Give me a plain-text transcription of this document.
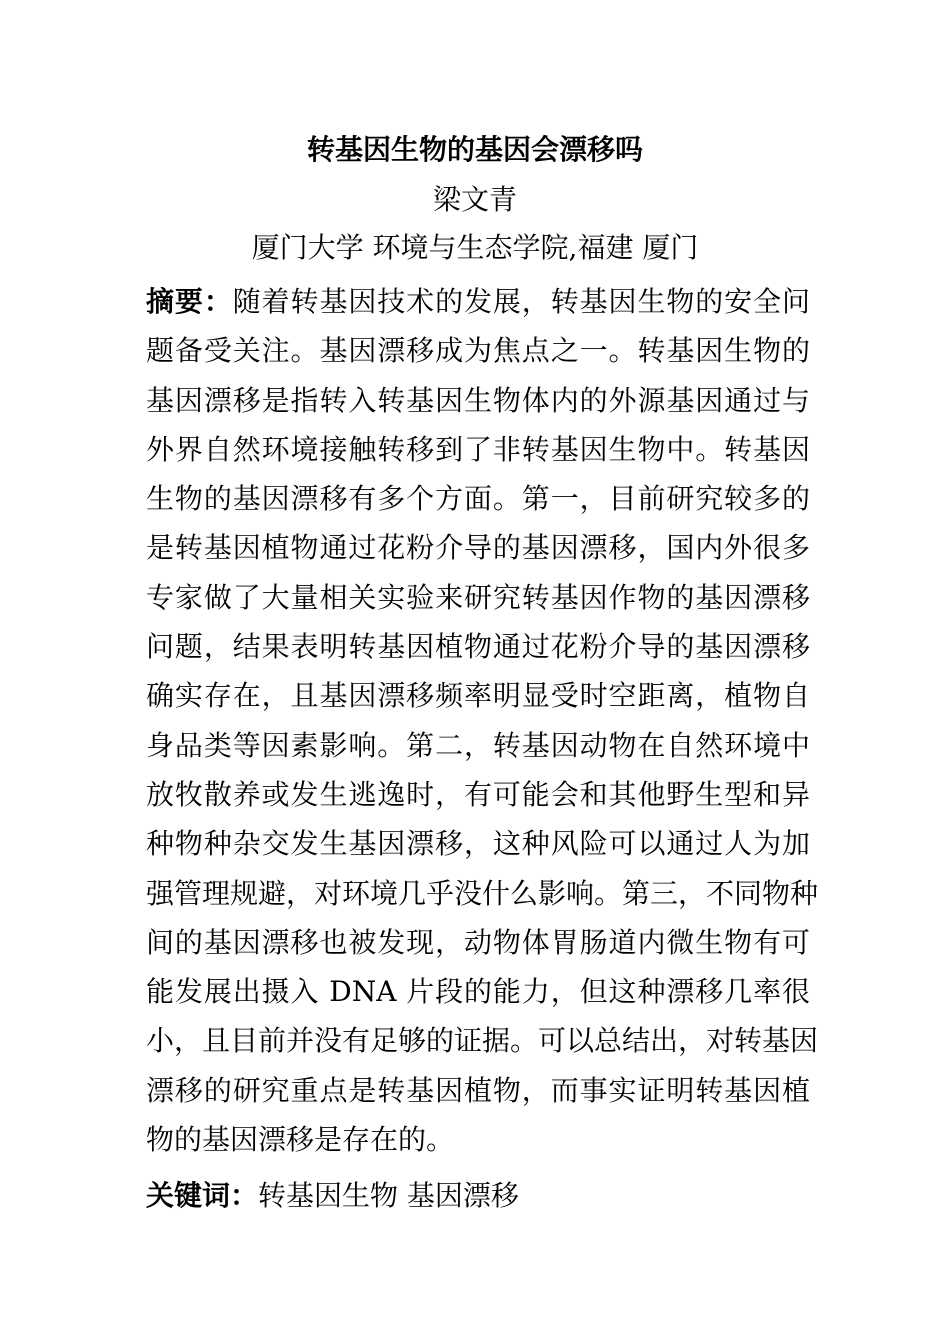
转基因生物的基因会漂移吗
梁文青
厦门大学 环境与生态学院,福建 厦门
摘要：随着转基因技术的发展，转基因生物的安全问
题备受关注。基因漂移成为焦点之一。转基因生物的
基因漂移是指转入转基因生物体内的外源基因通过与
外界自然环境接触转移到了非转基因生物中。转基因
生物的基因漂移有多个方面。第一，目前研究较多的
是转基因植物通过花粉介导的基因漂移，国内外很多
专家做了大量相关实验来研究转基因作物的基因漂移
问题，结果表明转基因植物通过花粉介导的基因漂移
确实存在，且基因漂移频率明显受时空距离，植物自
身品类等因素影响。第二，转基因动物在自然环境中
放牧散养或发生逃逸时，有可能会和其他野生型和异
种物种杂交发生基因漂移，这种风险可以通过人为加
强管理规避，对环境几乎没什么影响。第三，不同物种
间的基因漂移也被发现，动物体胃肠道内微生物有可
能发展出摄入 DNA 片段的能力，但这种漂移几率很
小，且目前并没有足够的证据。可以总结出，对转基因
漂移的研究重点是转基因植物，而事实证明转基因植
物的基因漂移是存在的。
关键词：转基因生物 基因漂移
